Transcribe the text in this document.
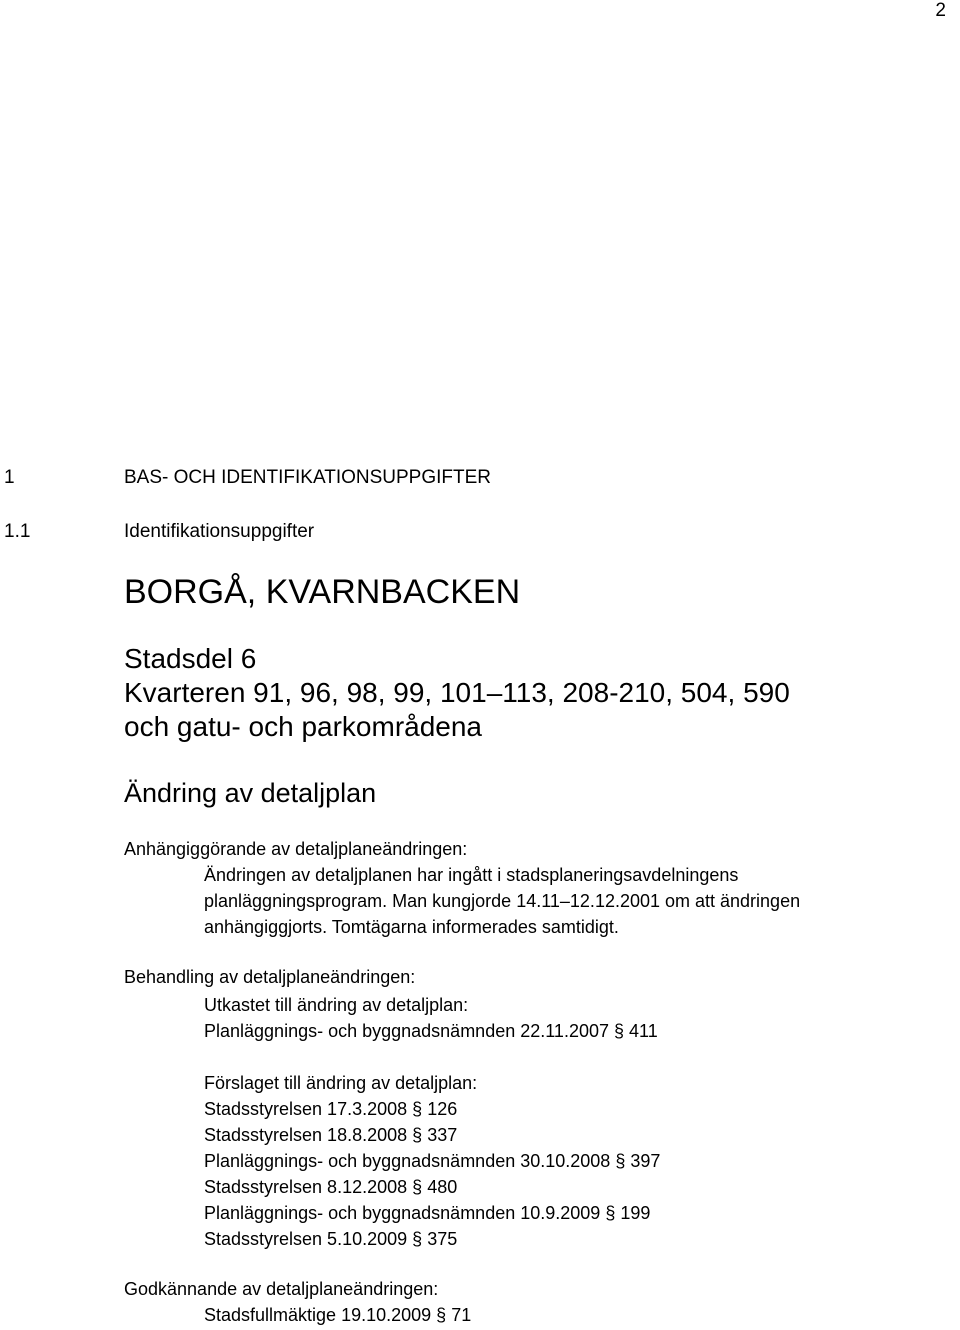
2
1	BAS- OCH IDENTIFIKATIONSUPPGIFTER
1.1	Identifikationsuppgifter
BORGÅ, KVARNBACKEN
Stadsdel 6
Kvarteren 91, 96, 98, 99, 101–113, 208-210, 504, 590
och gatu- och parkområdena
Ändring av detaljplan
Anhängiggörande av detaljplaneändringen:
Ändringen av detaljplanen har ingått i stadsplaneringsavdelningens
planläggningsprogram. Man kungjorde 14.11–12.12.2001 om att ändringen
anhängiggjorts. Tomtägarna informerades samtidigt.
Behandling av detaljplaneändringen:
Utkastet till ändring av detaljplan:
Planläggnings- och byggnadsnämnden 22.11.2007 § 411
Förslaget till ändring av detaljplan:
Stadsstyrelsen 17.3.2008 § 126
Stadsstyrelsen 18.8.2008 § 337
Planläggnings- och byggnadsnämnden 30.10.2008 § 397
Stadsstyrelsen 8.12.2008 § 480
Planläggnings- och byggnadsnämnden 10.9.2009 § 199
Stadsstyrelsen 5.10.2009 § 375
Godkännande av detaljplaneändringen:
Stadsfullmäktige 19.10.2009 § 71
